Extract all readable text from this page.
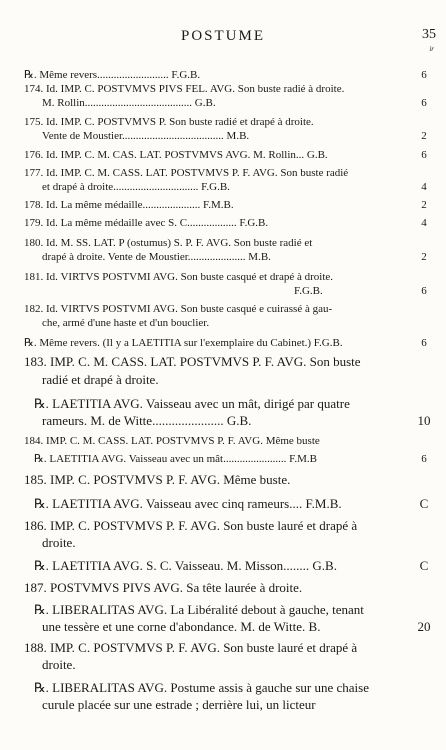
POSTUME	35
ir
℞. Même revers.......................... F.G.B.	6
174. Id. IMP. C. POSTVMVS PIVS FEL. AVG. Son buste radié à droite.
M. Rollin....................................... G.B.	6
175. Id. IMP. C. POSTVMVS P. Son buste radié et drapé à droite.
Vente de Moustier..................................... M.B.	2
176. Id. IMP. C. M. CAS. LAT. POSTVMVS AVG. M. Rollin... G.B.	6
177. Id. IMP. C. M. CASS. LAT. POSTVMVS P. F. AVG. Son buste radié
et drapé à droite............................... F.G.B.	4
178. Id. La même médaille..................... F.M.B.	2
179. Id. La même médaille avec S. C.................. F.G.B.	4
180. Id. M. SS. LAT. P (ostumus) S. P. F. AVG. Son buste radié et
drapé à droite. Vente de Moustier..................... M.B.	2
181. Id. VIRTVS POSTVMI AVG. Son buste casqué et drapé à droite.
F.G.B.	6
182. Id. VIRTVS POSTVMI AVG. Son buste casqué e cuirassé à gau-
che, armé d'une haste et d'un bouclier.
℞. Même revers. (Il y a LAETITIA sur l'exemplaire du Cabinet.) F.G.B.	6
183. IMP. C. M. CASS. LAT. POSTVMVS P. F. AVG. Son buste
radié et drapé à droite.
℞. LAETITIA AVG. Vaisseau avec un mât, dirigé par quatre
rameurs. M. de Witte...................... G.B.	10
184. IMP. C. M. CASS. LAT. POSTVMVS P. F. AVG. Même buste
℞. LAETITIA AVG. Vaisseau avec un mât....................... F.M.B	6
185. IMP. C. POSTVMVS P. F. AVG. Même buste.
℞. LAETITIA AVG. Vaisseau avec cinq rameurs.... F.M.B.	C
186. IMP. C. POSTVMVS P. F. AVG. Son buste lauré et drapé à
droite.
℞. LAETITIA AVG. S. C. Vaisseau. M. Misson........ G.B.	C
187. POSTVMVS PIVS AVG. Sa tête laurée à droite.
℞. LIBERALITAS AVG. La Libéralité debout à gauche, tenant
une tessère et une corne d'abondance. M. de Witte. B.	20
188. IMP. C. POSTVMVS P. F. AVG. Son buste lauré et drapé à
droite.
℞. LIBERALITAS AVG. Postume assis à gauche sur une chaise
curule placée sur une estrade ; derrière lui, un licteur
